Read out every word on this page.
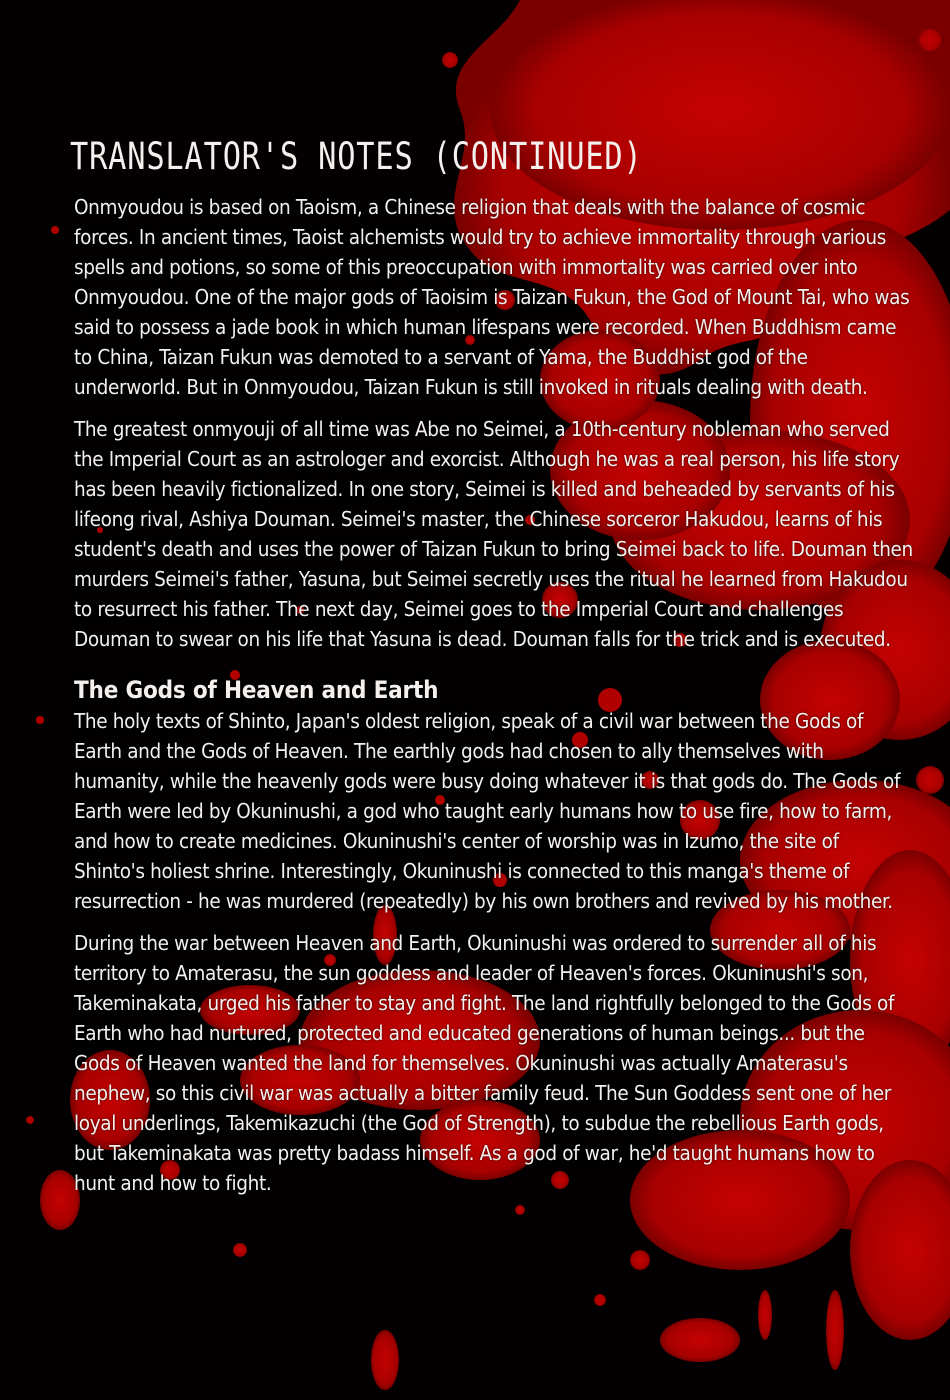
TRANSLATOR'S NOTES (CONTINUED)

Onmyoudou is based on Taoism, a Chinese religion that deals with the balance of cosmic forces. In ancient times, Taoist alchemists would try to achieve immortality through various spells and potions, so some of this preoccupation with immortality was carried over into Onmyoudou. One of the major gods of Taoisim is Taizan Fukun, the God of Mount Tai, who was said to possess a jade book in which human lifespans were recorded. When Buddhism came to China, Taizan Fukun was demoted to a servant of Yama, the Buddhist god of the underworld. But in Onmyoudou, Taizan Fukun is still invoked in rituals dealing with death.

The greatest onmyouji of all time was Abe no Seimei, a 10th-century nobleman who served the Imperial Court as an astrologer and exorcist. Although he was a real person, his life story has been heavily fictionalized. In one story, Seimei is killed and beheaded by servants of his lifeong rival, Ashiya Douman. Seimei's master, the Chinese sorceror Hakudou, learns of his student's death and uses the power of Taizan Fukun to bring Seimei back to life. Douman then murders Seimei's father, Yasuna, but Seimei secretly uses the ritual he learned from Hakudou to resurrect his father. The next day, Seimei goes to the Imperial Court and challenges Douman to swear on his life that Yasuna is dead. Douman falls for the trick and is executed.

The Gods of Heaven and Earth

The holy texts of Shinto, Japan's oldest religion, speak of a civil war between the Gods of Earth and the Gods of Heaven. The earthly gods had chosen to ally themselves with humanity, while the heavenly gods were busy doing whatever it is that gods do. The Gods of Earth were led by Okuninushi, a god who taught early humans how to use fire, how to farm, and how to create medicines. Okuninushi's center of worship was in Izumo, the site of Shinto's holiest shrine. Interestingly, Okuninushi is connected to this manga's theme of resurrection - he was murdered (repeatedly) by his own brothers and revived by his mother.

During the war between Heaven and Earth, Okuninushi was ordered to surrender all of his territory to Amaterasu, the sun goddess and leader of Heaven's forces. Okuninushi's son, Takeminakata, urged his father to stay and fight. The land rightfully belonged to the Gods of Earth who had nurtured, protected and educated generations of human beings... but the Gods of Heaven wanted the land for themselves. Okuninushi was actually Amaterasu's nephew, so this civil war was actually a bitter family feud. The Sun Goddess sent one of her loyal underlings, Takemikazuchi (the God of Strength), to subdue the rebellious Earth gods, but Takeminakata was pretty badass himself. As a god of war, he'd taught humans how to hunt and how to fight.
